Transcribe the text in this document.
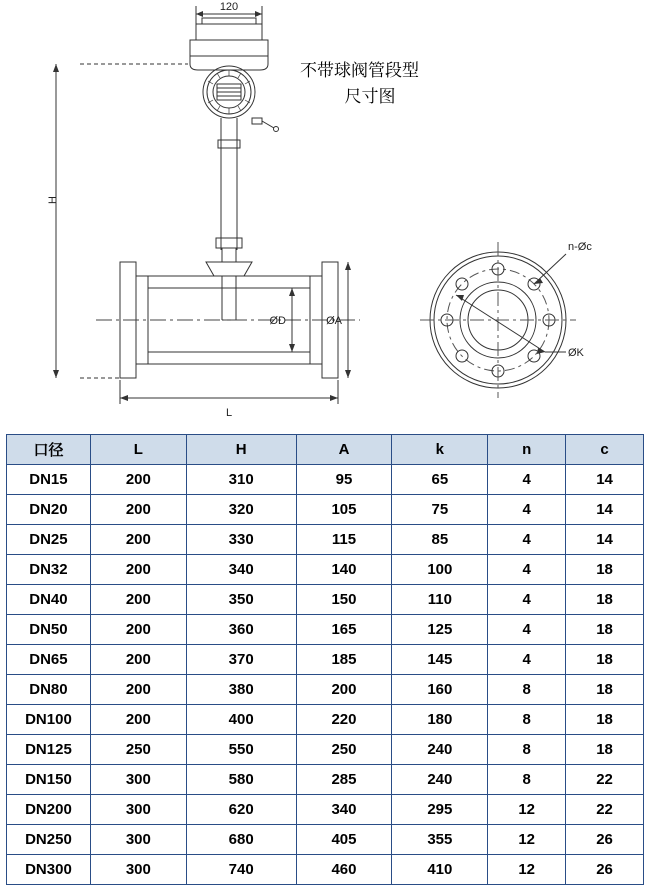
120
H
L
ØD	ØA
n-Øc
ØK
不带球阀管段型
尺寸图
口径	L	H	A	k	n	c
DN15	200	310	95	65	4	14
DN20	200	320	105	75	4	14
DN25	200	330	115	85	4	14
DN32	200	340	140	100	4	18
DN40	200	350	150	110	4	18
DN50	200	360	165	125	4	18
DN65	200	370	185	145	4	18
DN80	200	380	200	160	8	18
DN100	200	400	220	180	8	18
DN125	250	550	250	240	8	18
DN150	300	580	285	240	8	22
DN200	300	620	340	295	12	22
DN250	300	680	405	355	12	26
DN300	300	740	460	410	12	26
